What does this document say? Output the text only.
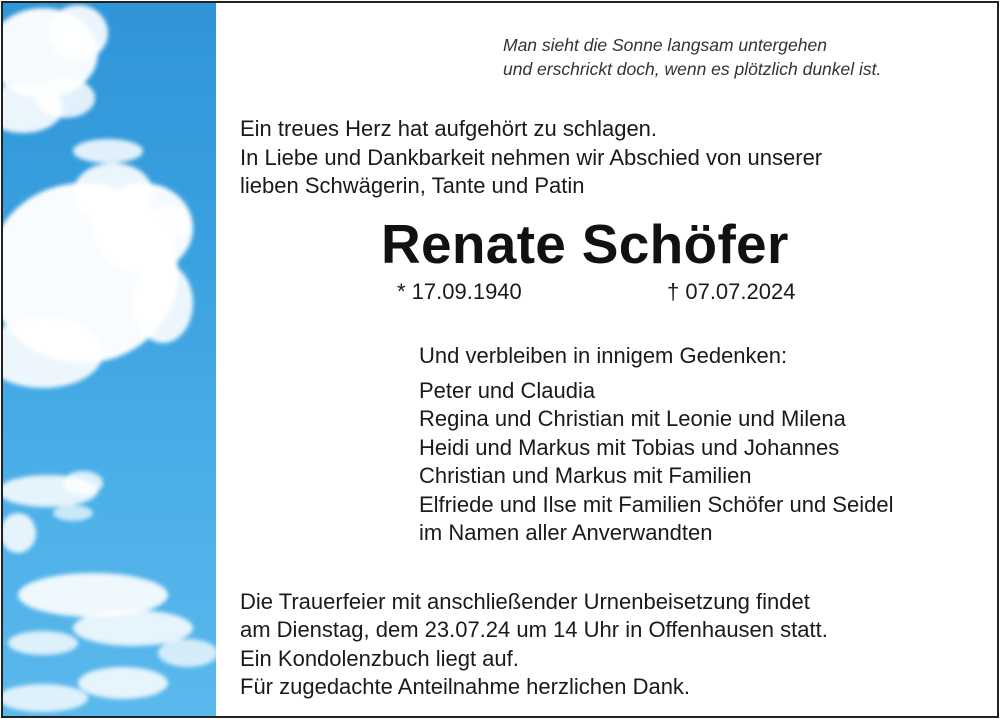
Man sieht die Sonne langsam untergehen
und erschrickt doch, wenn es plötzlich dunkel ist.
Ein treues Herz hat aufgehört zu schlagen.
In Liebe und Dankbarkeit nehmen wir Abschied von unserer
lieben Schwägerin, Tante und Patin
Renate Schöfer
* 17.09.1940	† 07.07.2024
Und verbleiben in innigem Gedenken:
Peter und Claudia
Regina und Christian mit Leonie und Milena
Heidi und Markus mit Tobias und Johannes
Christian und Markus mit Familien
Elfriede und Ilse mit Familien Schöfer und Seidel
im Namen aller Anverwandten
Die Trauerfeier mit anschließender Urnenbeisetzung findet
am Dienstag, dem 23.07.24 um 14 Uhr in Offenhausen statt.
Ein Kondolenzbuch liegt auf.
Für zugedachte Anteilnahme herzlichen Dank.
